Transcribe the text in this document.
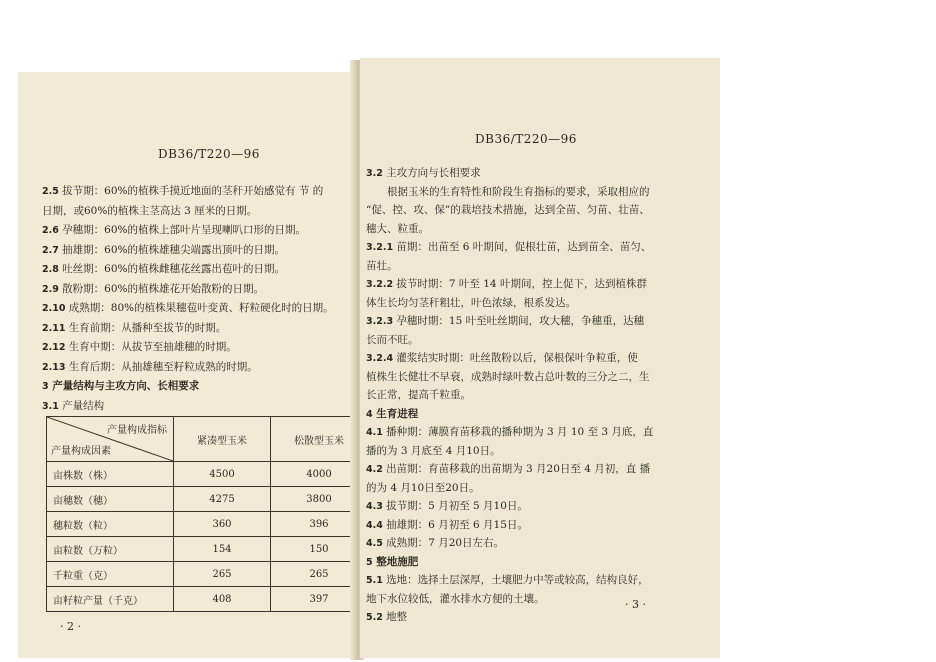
DB36/T220—96
2.5 拔节期：60%的植株手摸近地面的茎秆开始感觉有 节 的
日期，或60%的植株主茎高达 3 厘米的日期。
2.6 孕穗期：60%的植株上部叶片呈现喇叭口形的日期。
2.7 抽雄期：60%的植株雄穗尖端露出顶叶的日期。
2.8 吐丝期：60%的植株雌穗花丝露出苞叶的日期。
2.9 散粉期：60%的植株雄花开始散粉的日期。
2.10 成熟期：80%的植株果穗苞叶变黄、籽粒硬化时的日期。
2.11 生育前期：从播种至拔节的时期。
2.12 生育中期：从拔节至抽雄穗的时期。
2.13 生育后期：从抽雄穗至籽粒成熟的时期。
3 产量结构与主攻方向、长相要求
3.1 产量结构
产量构成指标
产量构成因素	紧凑型玉米	松散型玉米
亩株数（株）	4500	4000
亩穗数（穗）	4275	3800
穗粒数（粒）	360	396
亩粒数（万粒）	154	150
千粒重（克）	265	265
亩籽粒产量（千克）	408	397
· 2 ·
DB36/T220—96
3.2 主攻方向与长相要求
　　根据玉米的生育特性和阶段生育指标的要求，采取相应的
“促、控、攻、保”的栽培技术措施，达到全苗、匀苗、壮苗、
穗大、粒重。
3.2.1 苗期：出苗至 6 叶期间，促根壮苗，达到苗全、苗匀、
苗壮。
3.2.2 拔节时期：7 叶至 14 叶期间，控上促下，达到植株群
体生长均匀茎秆粗壮，叶色浓绿，根系发达。
3.2.3 孕穗时期：15 叶至吐丝期间，攻大穗，争穗重，达穗
长而不旺。
3.2.4 灌浆结实时期：吐丝散粉以后，保根保叶争粒重，使
植株生长健壮不早衰，成熟时绿叶数占总叶数的三分之二，生
长正常，提高千粒重。
4 生育进程
4.1 播种期：薄膜育苗移栽的播种期为 3 月 10 至 3 月底，直
播的为 3 月底至 4 月10日。
4.2 出苗期：育苗移栽的出苗期为 3 月20日至 4 月初，直 播
的为 4 月10日至20日。
4.3 拔节期：5 月初至 5 月10日。
4.4 抽雄期：6 月初至 6 月15日。
4.5 成熟期：7 月20日左右。
5 整地施肥
5.1 选地：选择土层深厚，土壤肥力中等或较高，结构良好，
地下水位较低，灌水排水方便的土壤。
5.2 地整
· 3 ·
